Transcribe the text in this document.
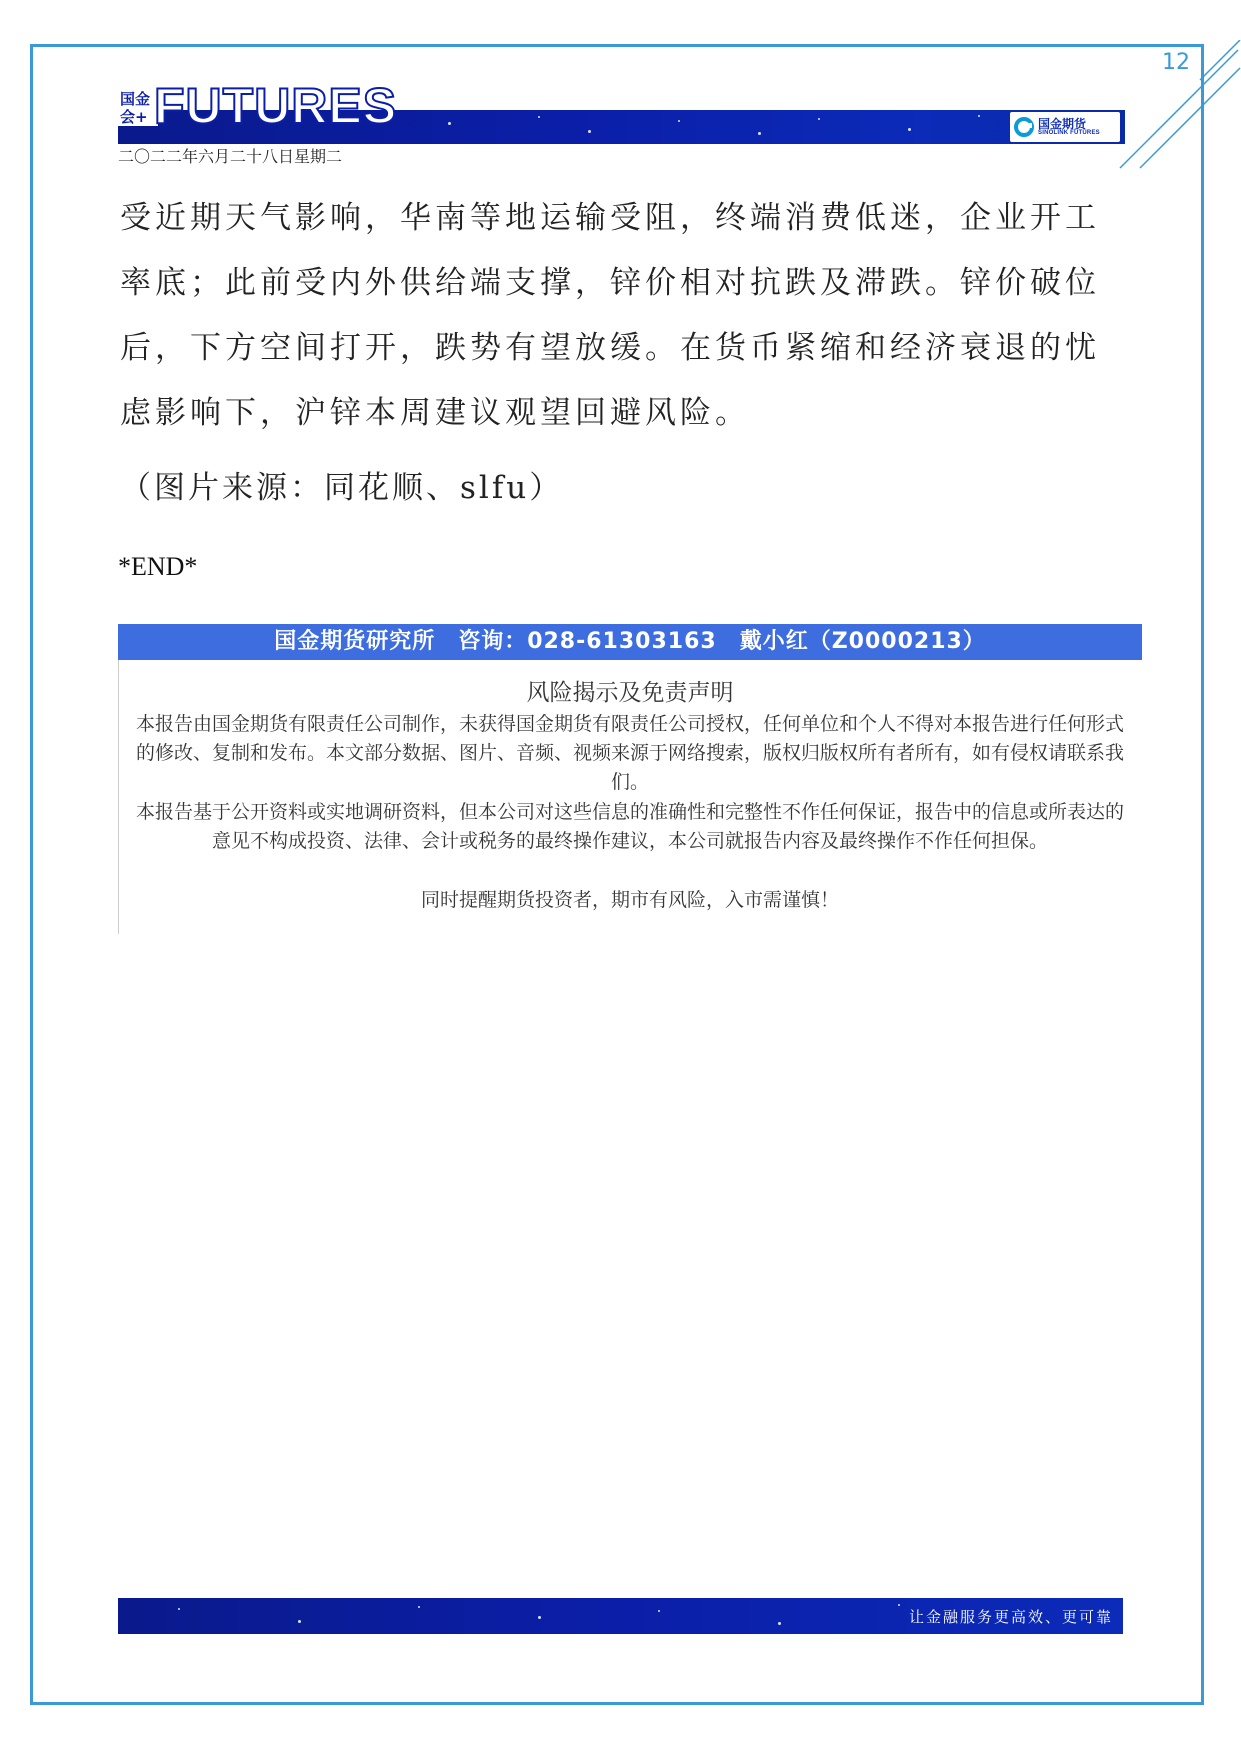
12
国金会+ FUTURES	国金期货
SINOLINK FUTURES
二〇二二年六月二十八日星期二

受近期天气影响，华南等地运输受阻，终端消费低迷，企业开工率底；此前受内外供给端支撑，锌价相对抗跌及滞跌。锌价破位后，下方空间打开，跌势有望放缓。在货币紧缩和经济衰退的忧虑影响下，沪锌本周建议观望回避风险。

（图片来源：同花顺、slfu）

*END*

国金期货研究所　咨询：028-61303163　戴小红（Z0000213）

风险揭示及免责声明

本报告由国金期货有限责任公司制作，未获得国金期货有限责任公司授权，任何单位和个人不得对本报告进行任何形式的修改、复制和发布。本文部分数据、图片、音频、视频来源于网络搜索，版权归版权所有者所有，如有侵权请联系我们。

本报告基于公开资料或实地调研资料，但本公司对这些信息的准确性和完整性不作任何保证，报告中的信息或所表达的意见不构成投资、法律、会计或税务的最终操作建议，本公司就报告内容及最终操作不作任何担保。

同时提醒期货投资者，期市有风险，入市需谨慎！

让金融服务更高效、更可靠
